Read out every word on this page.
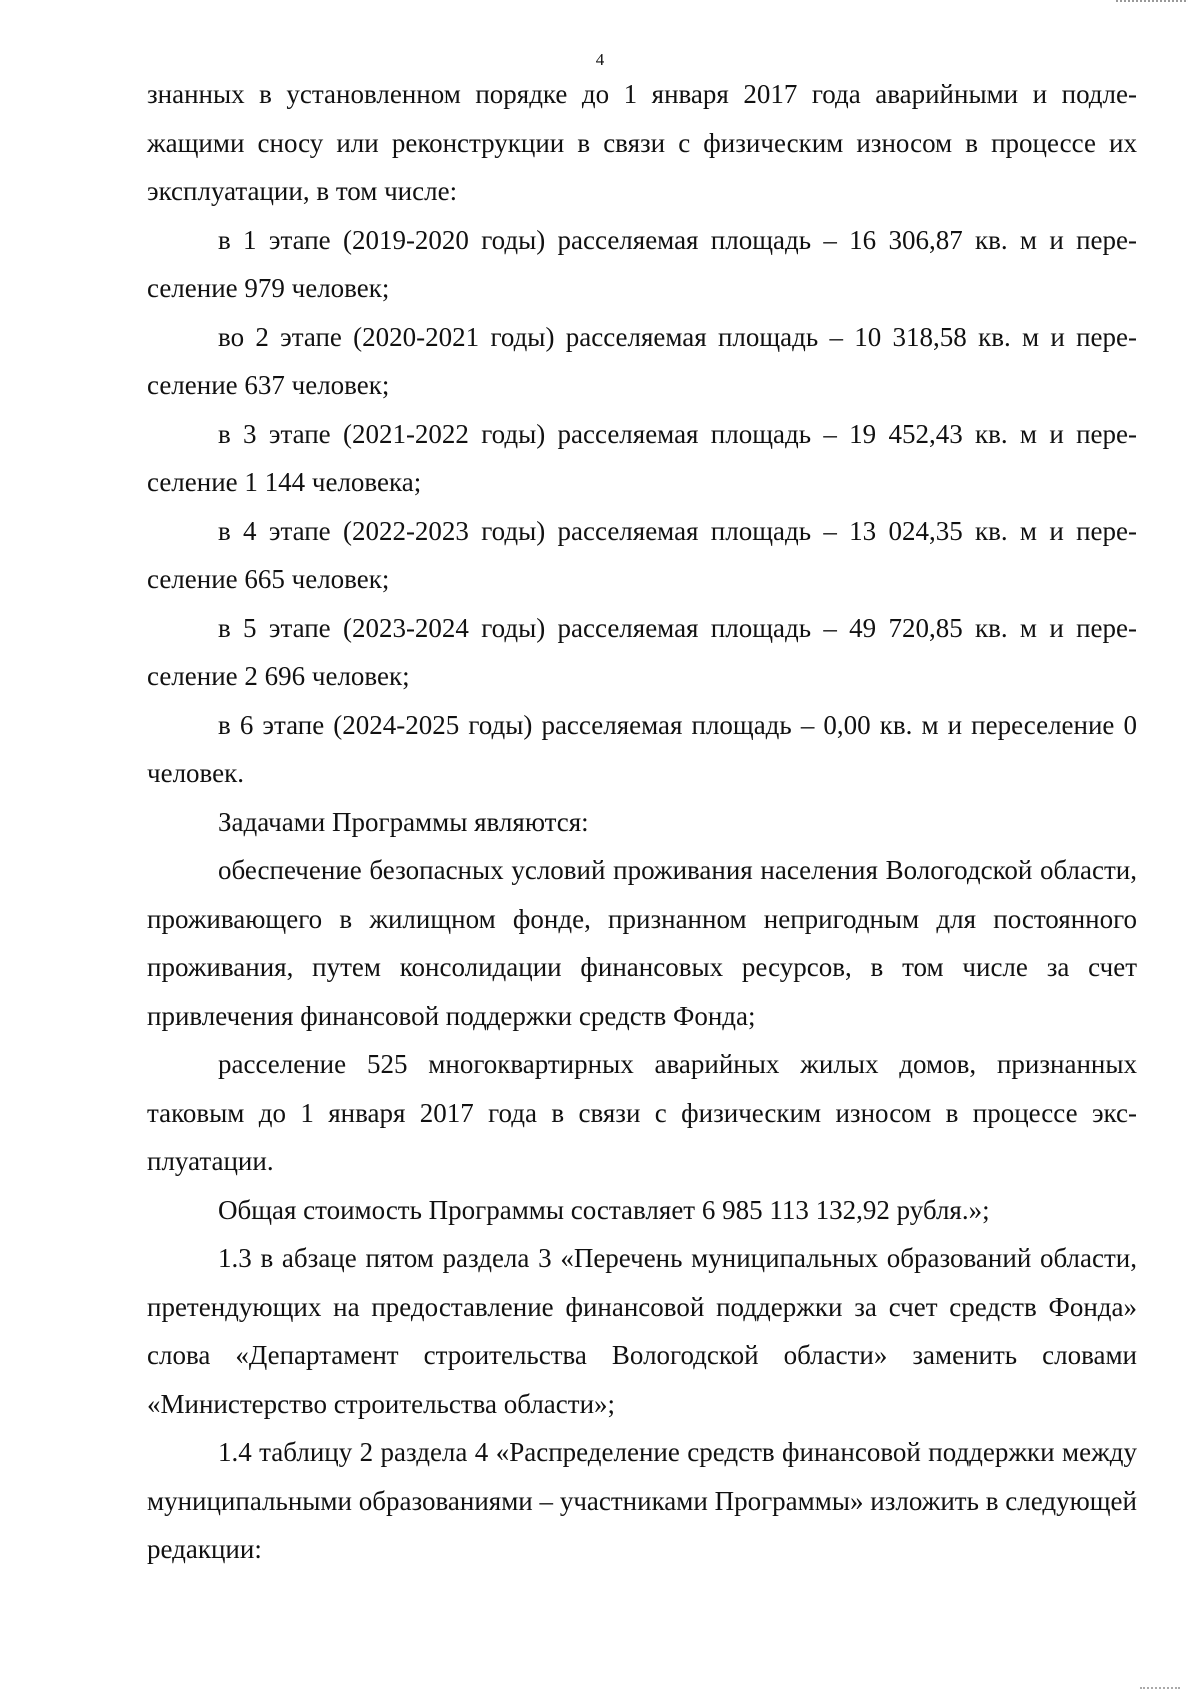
4

знанных в установленном порядке до 1 января 2017 года аварийными и подлежащими сносу или реконструкции в связи с физическим износом в процессе их эксплуатации, в том числе:

в 1 этапе (2019-2020 годы) расселяемая площадь – 16 306,87 кв. м и переселение 979 человек;

во 2 этапе (2020-2021 годы) расселяемая площадь – 10 318,58 кв. м и переселение 637 человек;

в 3 этапе (2021-2022 годы) расселяемая площадь – 19 452,43 кв. м и переселение 1 144 человека;

в 4 этапе (2022-2023 годы) расселяемая площадь – 13 024,35 кв. м и переселение 665 человек;

в 5 этапе (2023-2024 годы) расселяемая площадь – 49 720,85 кв. м и переселение 2 696 человек;

в 6 этапе (2024-2025 годы) расселяемая площадь – 0,00 кв. м и переселение 0 человек.

Задачами Программы являются:

обеспечение безопасных условий проживания населения Вологодской области, проживающего в жилищном фонде, признанном непригодным для постоянного проживания, путем консолидации финансовых ресурсов, в том числе за счет привлечения финансовой поддержки средств Фонда;

расселение 525 многоквартирных аварийных жилых домов, признанных таковым до 1 января 2017 года в связи с физическим износом в процессе эксплуатации.

Общая стоимость Программы составляет 6 985 113 132,92 рубля.»;

1.3 в абзаце пятом раздела 3 «Перечень муниципальных образований области, претендующих на предоставление финансовой поддержки за счет средств Фонда» слова «Департамент строительства Вологодской области» заменить словами «Министерство строительства области»;

1.4 таблицу 2 раздела 4 «Распределение средств финансовой поддержки между муниципальными образованиями – участниками Программы» изложить в следующей редакции:
